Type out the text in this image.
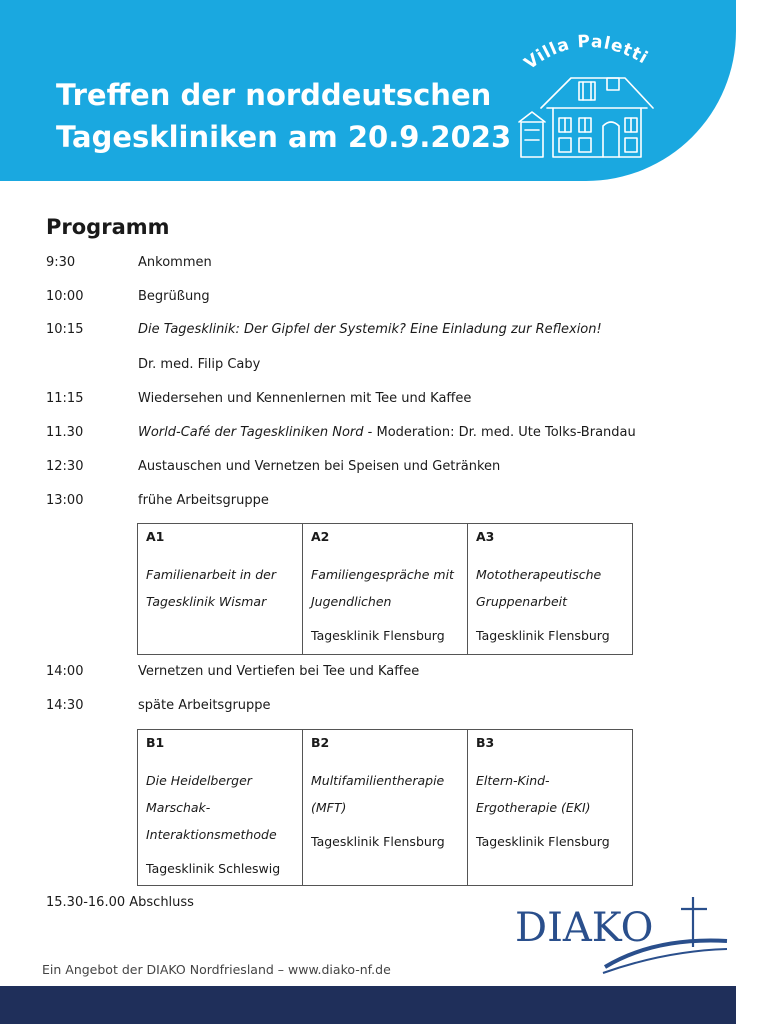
Treffen der norddeutschen
Tageskliniken am 20.9.2023
Villa Paletti
Programm
9:30	Ankommen
10:00	Begrüßung
10:15	Die Tagesklinik: Der Gipfel der Systemik? Eine Einladung zur Reflexion!
Dr. med. Filip Caby
11:15	Wiedersehen und Kennenlernen mit Tee und Kaffee
11.30	World-Café der Tageskliniken Nord - Moderation: Dr. med. Ute Tolks-Brandau
12:30	Austauschen und Vernetzen bei Speisen und Getränken
13:00	frühe Arbeitsgruppe
A1
Familienarbeit in der
Tagesklinik Wismar

A2
Familiengespräche mit
Jugendlichen
Tagesklinik Flensburg

A3
Mototherapeutische
Gruppenarbeit
Tagesklinik Flensburg
14:00	Vernetzen und Vertiefen bei Tee und Kaffee
14:30	späte Arbeitsgruppe
B1
Die Heidelberger
Marschak-
Interaktionsmethode
Tagesklinik Schleswig

B2
Multifamilientherapie
(MFT)
Tagesklinik Flensburg

B3
Eltern-Kind-
Ergotherapie (EKI)
Tagesklinik Flensburg
15.30-16.00 Abschluss
DIAKO
Ein Angebot der DIAKO Nordfriesland – www.diako-nf.de
